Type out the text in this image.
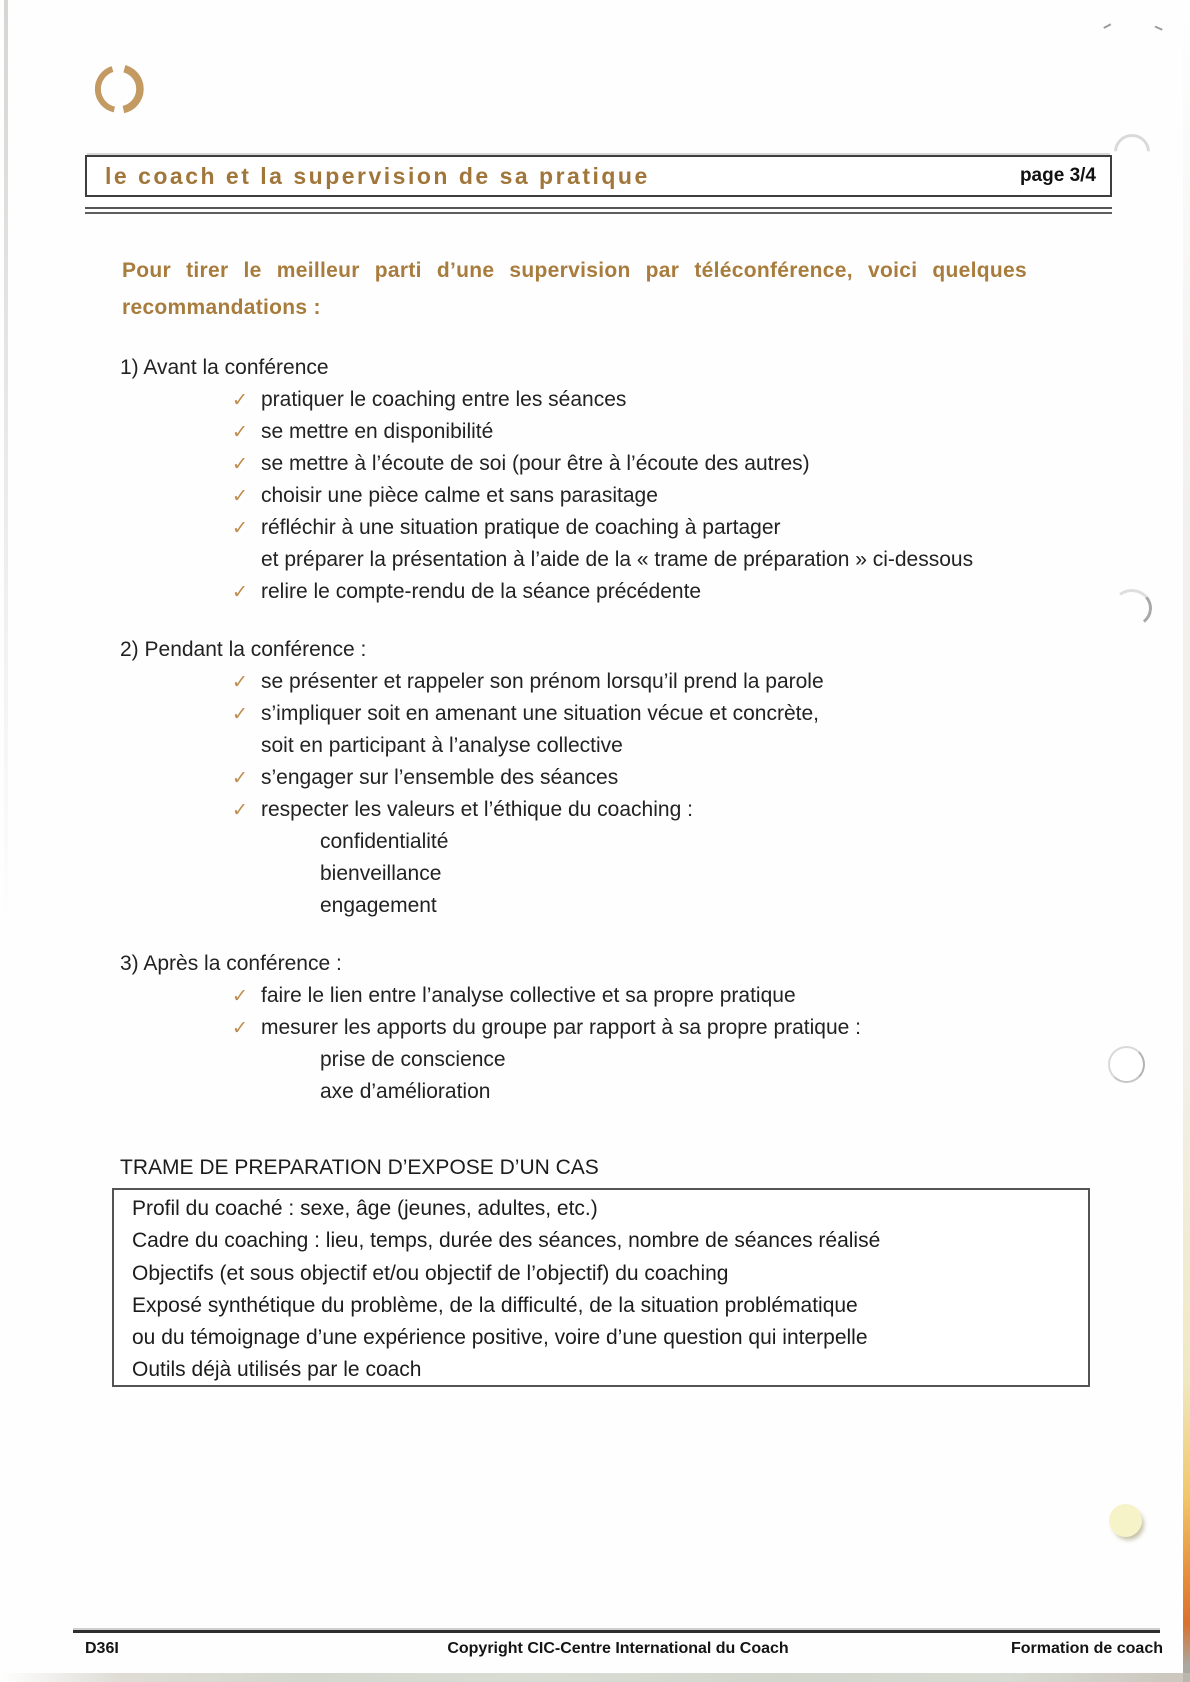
le coach et la supervision de sa pratique	page 3/4

Pour tirer le meilleur parti d’une supervision par téléconférence, voici quelques recommandations :

1) Avant la conférence
✓ pratiquer le coaching entre les séances
✓ se mettre en disponibilité
✓ se mettre à l’écoute de soi (pour être à l’écoute des autres)
✓ choisir une pièce calme et sans parasitage
✓ réfléchir à une situation pratique de coaching à partager
et préparer la présentation à l’aide de la « trame de préparation » ci-dessous
✓ relire le compte-rendu de la séance précédente
2) Pendant la conférence :
✓ se présenter et rappeler son prénom lorsqu’il prend la parole
✓ s’impliquer soit en amenant une situation vécue et concrète,
soit en participant à l’analyse collective
✓ s’engager sur l’ensemble des séances
✓ respecter les valeurs et l’éthique du coaching :
confidentialité
bienveillance
engagement
3) Après la conférence :
✓ faire le lien entre l’analyse collective et sa propre pratique
✓ mesurer les apports du groupe par rapport à sa propre pratique :
prise de conscience
axe d’amélioration
TRAME DE PREPARATION D’EXPOSE D’UN CAS
Profil du coaché : sexe, âge (jeunes, adultes, etc.)
Cadre du coaching : lieu, temps, durée des séances, nombre de séances réalisé
Objectifs (et sous objectif et/ou objectif de l’objectif) du coaching
Exposé synthétique du problème, de la difficulté, de la situation problématique
ou du témoignage d’une expérience positive, voire d’une question qui interpelle
Outils déjà utilisés par le coach
D36I	Copyright CIC-Centre International du Coach	Formation de coach
